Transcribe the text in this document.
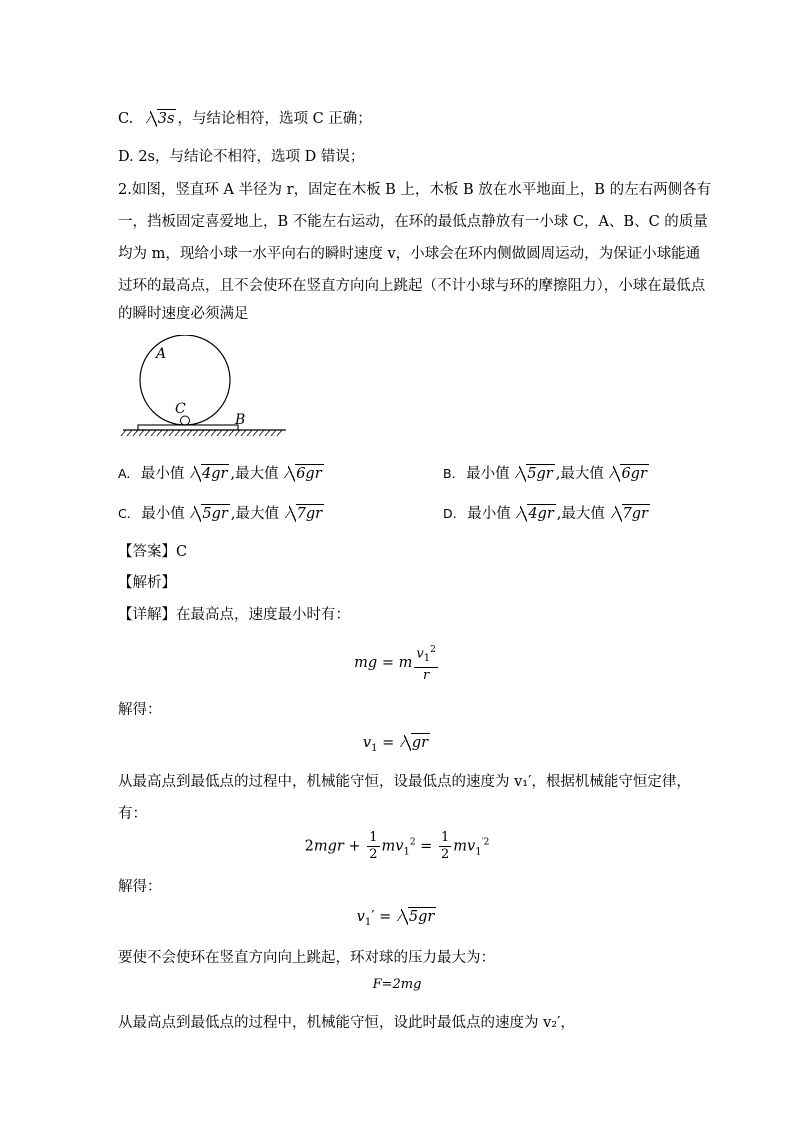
C. 3s ，与结论相符，选项 C 正确；
D. 2s，与结论不相符，选项 D 错误；
2.如图，竖直环 A 半径为 r，固定在木板 B 上，木板 B 放在水平地面上，B 的左右两侧各有
一，挡板固定喜爱地上，B 不能左右运动，在环的最低点静放有一小球 C，A、B、C 的质量
均为 m，现给小球一水平向右的瞬时速度 v，小球会在环内侧做圆周运动，为保证小球能通
过环的最高点，且不会使环在竖直方向向上跳起（不计小球与环的摩擦阻力），小球在最低点
的瞬时速度必须满足
A
C
B
A. 最小值 4gr ,最大值 6gr	B. 最小值 5gr ,最大值 6gr
C. 最小值 5gr ,最大值 7gr	D. 最小值 4gr ,最大值 7gr
【答案】C
【解析】
【详解】在最高点，速度最小时有：
mg = m $\frac{v_1^2}{r}$
解得：
$v_1$ = gr
从最高点到最低点的过程中，机械能守恒，设最低点的速度为 v₁′，根据机械能守恒定律，
有：
$2mgr + \frac{1}{2} mv_1^2 = \frac{1}{2} mv_1^{'2}$
解得：
$v_1' = 5gr$
要使不会使环在竖直方向向上跳起，环对球的压力最大为：
F=2mg
从最高点到最低点的过程中，机械能守恒，设此时最低点的速度为 v₂′，
